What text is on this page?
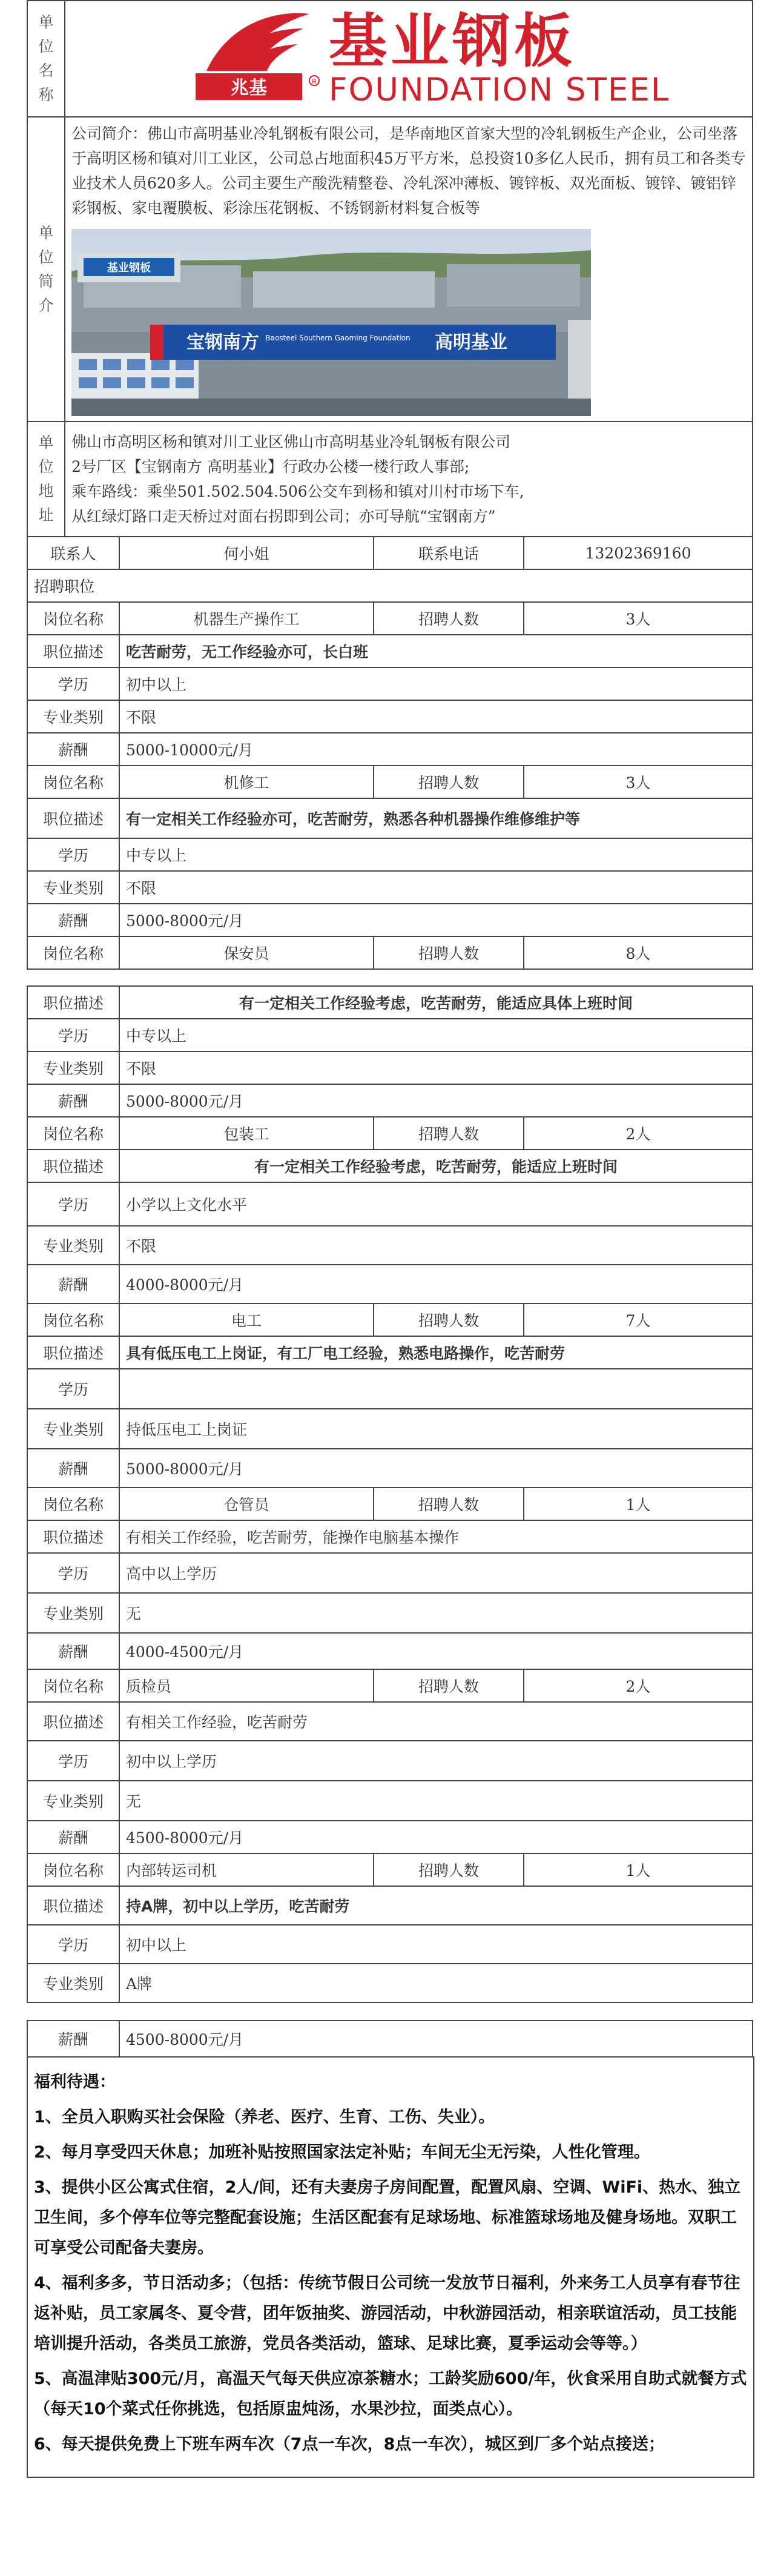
单位名称	兆基 R
基业钢板
FOUNDATION STEEL

单位简介	公司简介：佛山市高明基业冷轧钢板有限公司，是华南地区首家大型的冷轧钢板生产企业，公司坐落于高明区杨和镇对川工业区，公司总占地面积45万平方米，总投资10多亿人民币，拥有员工和各类专业技术人员620多人。公司主要生产酸洗精整卷、冷轧深冲薄板、镀锌板、双光面板、镀锌、镀铝锌彩钢板、家电覆膜板、彩涂压花钢板、不锈钢新材料复合板等
基业钢板
宝钢南方 Baosteel Southern Gaoming Foundation 高明基业

单位地址	佛山市高明区杨和镇对川工业区佛山市高明基业冷轧钢板有限公司
2号厂区【宝钢南方 高明基业】行政办公楼一楼行政人事部;
乘车路线：乘坐501.502.504.506公交车到杨和镇对川村市场下车,
从红绿灯路口走天桥过对面右拐即到公司；亦可导航“宝钢南方”
联系人	何小姐	联系电话	13202369160
招聘职位			
岗位名称	机器生产操作工	招聘人数	3人
职位描述	吃苦耐劳，无工作经验亦可，长白班		
学历	初中以上		
专业类别	不限		
薪酬	5000-10000元/月		
岗位名称	机修工	招聘人数	3人
职位描述	有一定相关工作经验亦可，吃苦耐劳，熟悉各种机器操作维修维护等		
学历	中专以上		
专业类别	不限		
薪酬	5000-8000元/月		
岗位名称	保安员	招聘人数	8人
职位描述	有一定相关工作经验考虑，吃苦耐劳，能适应具体上班时间		
学历	中专以上		
专业类别	不限		
薪酬	5000-8000元/月		
岗位名称	包装工	招聘人数	2人
职位描述	有一定相关工作经验考虑，吃苦耐劳，能适应上班时间		
学历	小学以上文化水平		
专业类别	不限		
薪酬	4000-8000元/月		
岗位名称	电工	招聘人数	7人
职位描述	具有低压电工上岗证，有工厂电工经验，熟悉电路操作，吃苦耐劳		
学历			
专业类别	持低压电工上岗证		
薪酬	5000-8000元/月		
岗位名称	仓管员	招聘人数	1人
职位描述	有相关工作经验，吃苦耐劳，能操作电脑基本操作		
学历	高中以上学历		
专业类别	无		
薪酬	4000-4500元/月		
岗位名称	质检员	招聘人数	2人
职位描述	有相关工作经验，吃苦耐劳		
学历	初中以上学历		
专业类别	无		
薪酬	4500-8000元/月		
岗位名称	内部转运司机	招聘人数	1人
职位描述	持A牌，初中以上学历，吃苦耐劳		
学历	初中以上		
专业类别	A牌		
薪酬	4500-8000元/月

福利待遇：

1、全员入职购买社会保险（养老、医疗、生育、工伤、失业）。

2、每月享受四天休息；加班补贴按照国家法定补贴；车间无尘无污染，人性化管理。

3、提供小区公寓式住宿，2人/间，还有夫妻房子房间配置，配置风扇、空调、WiFi、热水、独立卫生间，多个停车位等完整配套设施；生活区配套有足球场地、标准篮球场地及健身场地。双职工可享受公司配备夫妻房。

4、福利多多，节日活动多；（包括：传统节假日公司统一发放节日福利，外来务工人员享有春节往返补贴，员工家属冬、夏令营，团年饭抽奖、游园活动，中秋游园活动，相亲联谊活动，员工技能培训提升活动，各类员工旅游，党员各类活动，篮球、足球比赛，夏季运动会等等。）

5、高温津贴300元/月，高温天气每天供应凉茶糖水；工龄奖励600/年，伙食采用自助式就餐方式（每天10个菜式任你挑选，包括原盅炖汤，水果沙拉，面类点心）。

6、每天提供免费上下班车两车次（7点一车次，8点一车次），城区到厂多个站点接送；
